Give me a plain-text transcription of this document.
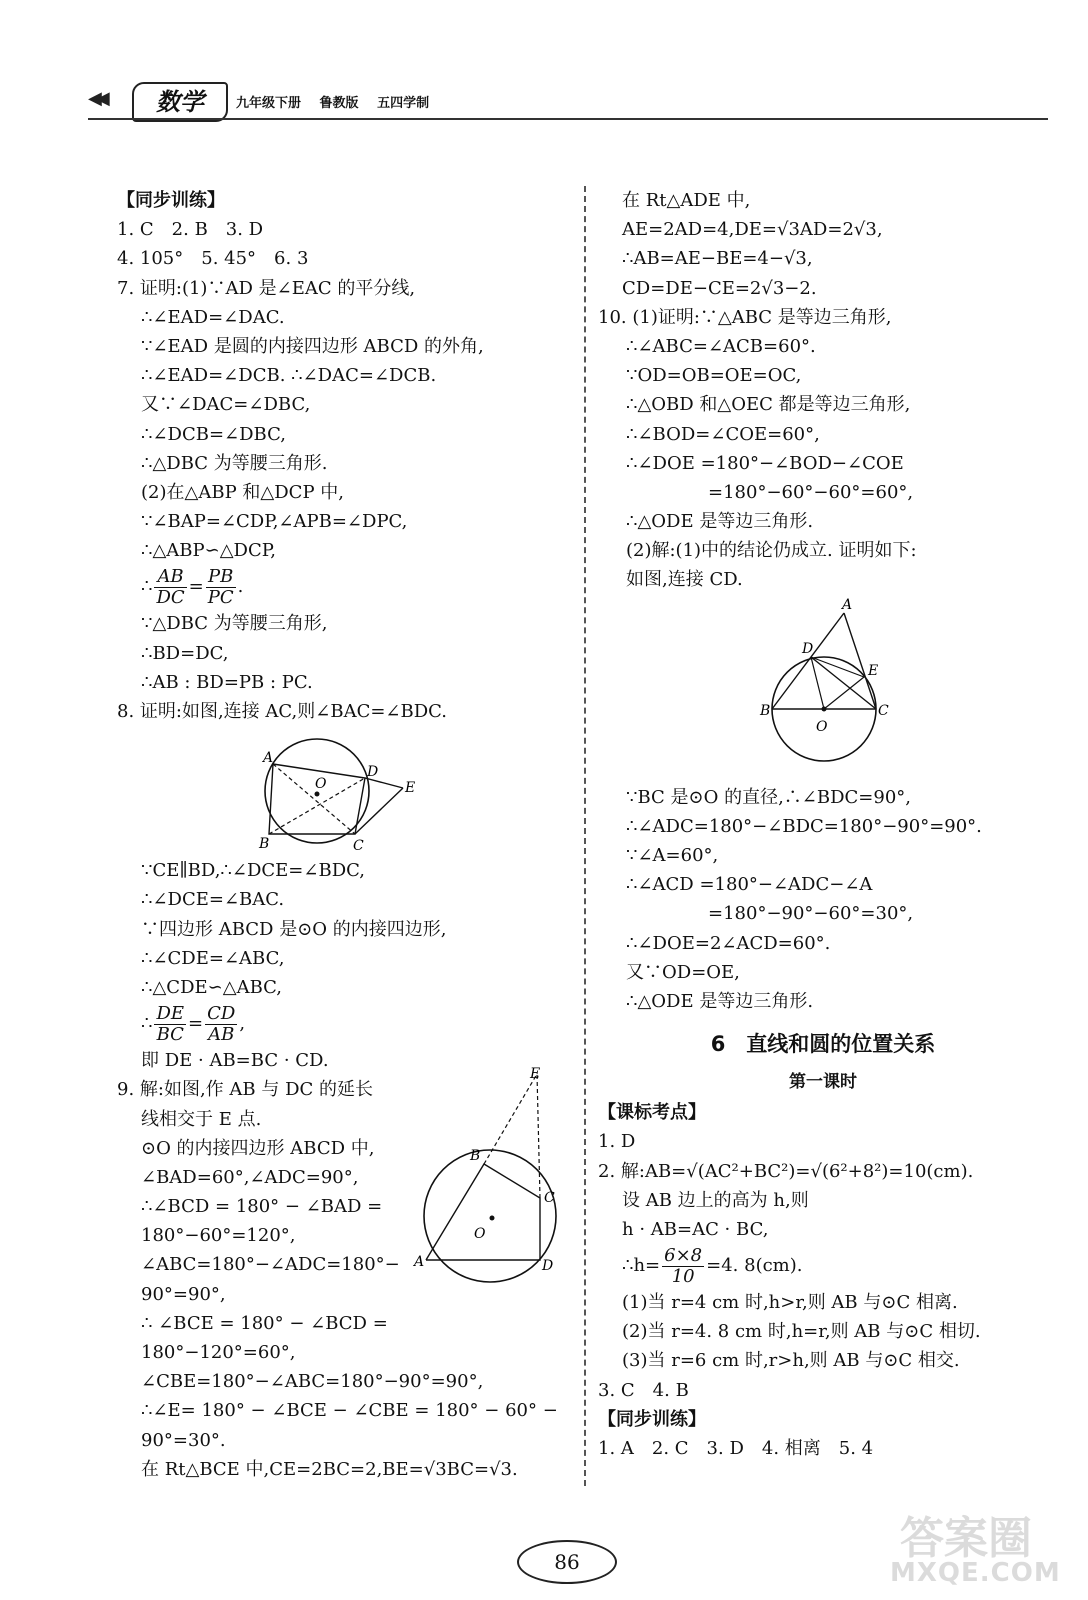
◀◀	数学	九年级下册 鲁教版 五四学制
【同步训练】
1. C　2. B　3. D
4. 105°　5. 45°　6. 3
7. 证明:(1)∵AD 是∠EAC 的平分线,
∴∠EAD=∠DAC.
∵∠EAD 是圆的内接四边形 ABCD 的外角,
∴∠EAD=∠DCB. ∴∠DAC=∠DCB.
又∵∠DAC=∠DBC,
∴∠DCB=∠DBC,
∴△DBC 为等腰三角形.
(2)在△ABP 和△DCP 中,
∵∠BAP=∠CDP,∠APB=∠DPC,
∴△ABP∽△DCP,
∴ $\frac{AB}{DC} = \frac{PB}{PC}$ .
∵△DBC 为等腰三角形,
∴BD=DC,
∴AB : BD=PB : PC.
8. 证明:如图,连接 AC,则∠BAC=∠BDC.
A
B	C
D
E
O
∵CE∥BD,∴∠DCE=∠BDC,
∴∠DCE=∠BAC.
∵四边形 ABCD 是⊙O 的内接四边形,
∴∠CDE=∠ABC,
∴△CDE∽△ABC,
∴ $\frac{DE}{BC} = \frac{CD}{AB}$ ,
即 DE · AB=BC · CD.
9. 解:如图,作 AB 与 DC 的延长
线相交于 E 点.
⊙O 的内接四边形 ABCD 中,
∠BAD=60°,∠ADC=90°,
∴∠BCD = 180° − ∠BAD =
180°−60°=120°,
∠ABC=180°−∠ADC=180°−
90°=90°,
∴ ∠BCE = 180° − ∠BCD =
180°−120°=60°,
∠CBE=180°−∠ABC=180°−90°=90°,
∴∠E= 180° − ∠BCE − ∠CBE = 180° − 60° −
90°=30°.
在 Rt△BCE 中,CE=2BC=2,BE=√3BC=√3.
A
B
C
D
E
O
在 Rt△ADE 中,
AE=2AD=4,DE=√3AD=2√3,
∴AB=AE−BE=4−√3,
CD=DE−CE=2√3−2.
10. (1)证明:∵△ABC 是等边三角形,
∴∠ABC=∠ACB=60°.
∵OD=OB=OE=OC,
∴△OBD 和△OEC 都是等边三角形,
∴∠BOD=∠COE=60°,
∴∠DOE =180°−∠BOD−∠COE
=180°−60°−60°=60°,
∴△ODE 是等边三角形.
(2)解:(1)中的结论仍成立. 证明如下:
如图,连接 CD.
A
B	C
D
E
O
∵BC 是⊙O 的直径,∴∠BDC=90°,
∴∠ADC=180°−∠BDC=180°−90°=90°.
∵∠A=60°,
∴∠ACD =180°−∠ADC−∠A
=180°−90°−60°=30°,
∴∠DOE=2∠ACD=60°.
又∵OD=OE,
∴△ODE 是等边三角形.
6　直线和圆的位置关系
第一课时
【课标考点】
1. D
2. 解:AB=√(AC²+BC²)=√(6²+8²)=10(cm).
设 AB 边上的高为 h,则
h · AB=AC · BC,
∴h= $\frac{6\times 8}{10} =4$. 8(cm).
(1)当 r=4 cm 时,h>r,则 AB 与⊙C 相离.
(2)当 r=4. 8 cm 时,h=r,则 AB 与⊙C 相切.
(3)当 r=6 cm 时,r>h,则 AB 与⊙C 相交.
3. C　4. B
【同步训练】
1. A　2. C　3. D　4. 相离　5. 4
86	答案圈
MXQE.COM
